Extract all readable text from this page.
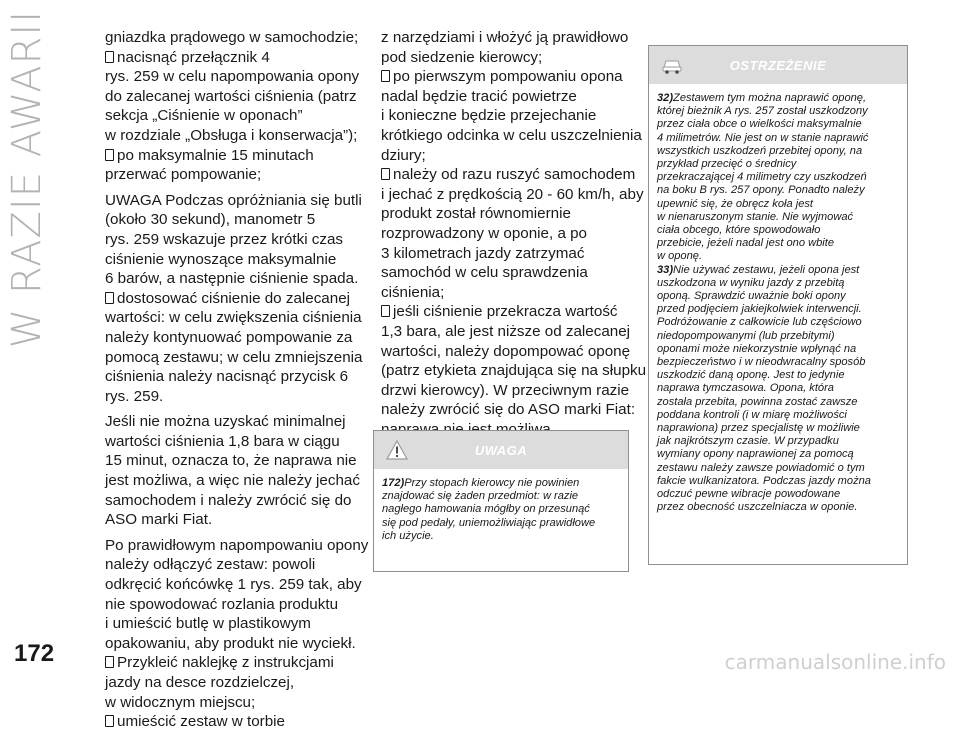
W RAZIE AWARII	gniazdka prądowego w samochodzie;
nacisnąć przełącznik 4
rys. 259 w celu napompowania opony
do zalecanej wartości ciśnienia (patrz
sekcja „Ciśnienie w oponach”
w rozdziale „Obsługa i konserwacja”);
po maksymalnie 15 minutach
przerwać pompowanie;
UWAGA Podczas opróżniania się butli
(około 30 sekund), manometr 5
rys. 259 wskazuje przez krótki czas
ciśnienie wynoszące maksymalnie
6 barów, a następnie ciśnienie spada.
dostosować ciśnienie do zalecanej
wartości: w celu zwiększenia ciśnienia
należy kontynuować pompowanie za
pomocą zestawu; w celu zmniejszenia
ciśnienia należy nacisnąć przycisk 6
rys. 259.
Jeśli nie można uzyskać minimalnej
wartości ciśnienia 1,8 bara w ciągu
15 minut, oznacza to, że naprawa nie
jest możliwa, a więc nie należy jechać
samochodem i należy zwrócić się do
ASO marki Fiat.
Po prawidłowym napompowaniu opony
należy odłączyć zestaw: powoli
odkręcić końcówkę 1 rys. 259 tak, aby
nie spowodować rozlania produktu
i umieścić butlę w plastikowym
opakowaniu, aby produkt nie wyciekł.
Przykleić naklejkę z instrukcjami
jazdy na desce rozdzielczej,
w widocznym miejscu;
umieścić zestaw w torbie
z narzędziami i włożyć ją prawidłowo
pod siedzenie kierowcy;
po pierwszym pompowaniu opona
nadal będzie tracić powietrze
i konieczne będzie przejechanie
krótkiego odcinka w celu uszczelnienia
dziury;
należy od razu ruszyć samochodem
i jechać z prędkością 20 - 60 km/h, aby
produkt został równomiernie
rozprowadzony w oponie, a po
3 kilometrach jazdy zatrzymać
samochód w celu sprawdzenia
ciśnienia;
jeśli ciśnienie przekracza wartość
1,3 bara, ale jest niższe od zalecanej
wartości, należy dopompować oponę
(patrz etykieta znajdująca się na słupku
drzwi kierowcy). W przeciwnym razie
należy zwrócić się do ASO marki Fiat:
UWAGA
172)Przy stopach kierowcy nie powinien
znajdować się żaden przedmiot: w razie
nagłego hamowania mógłby on przesunąć
się pod pedały, uniemożliwiając prawidłowe
ich użycie.
OSTRZEŻENIE
32)Zestawem tym można naprawić oponę,
której bieżnik A rys. 257 został uszkodzony
przez ciała obce o wielkości maksymalnie
4 milimetrów. Nie jest on w stanie naprawić
wszystkich uszkodzeń przebitej opony, na
przykład przecięć o średnicy
przekraczającej 4 milimetry czy uszkodzeń
na boku B rys. 257 opony. Ponadto należy
upewnić się, że obręcz koła jest
w nienaruszonym stanie. Nie wyjmować
ciała obcego, które spowodowało
przebicie, jeżeli nadal jest ono wbite
w oponę.
33)Nie używać zestawu, jeżeli opona jest
uszkodzona w wyniku jazdy z przebitą
oponą. Sprawdzić uważnie boki opony
przed podjęciem jakiejkolwiek interwencji.
Podróżowanie z całkowicie lub częściowo
niedopompowanymi (lub przebitymi)
oponami może niekorzystnie wpłynąć na
bezpieczeństwo i w nieodwracalny sposób
uszkodzić daną oponę. Jest to jedynie
naprawa tymczasowa. Opona, która
została przebita, powinna zostać zawsze
poddana kontroli (i w miarę możliwości
naprawiona) przez specjalistę w możliwie
jak najkrótszym czasie. W przypadku
wymiany opony naprawionej za pomocą
zestawu należy zawsze powiadomić o tym
fakcie wulkanizatora. Podczas jazdy można
odczuć pewne wibracje powodowane
przez obecność uszczelniacza w oponie.
172	carmanualsonline.info
